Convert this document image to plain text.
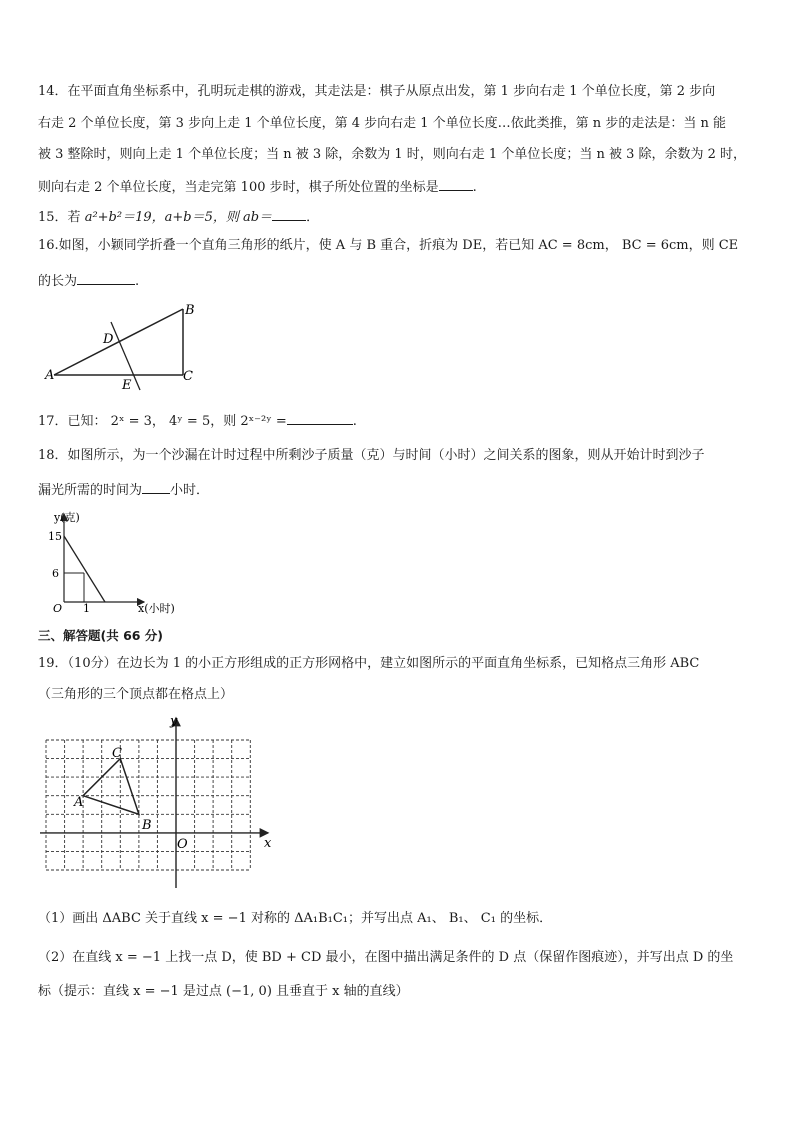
14．在平面直角坐标系中，孔明玩走棋的游戏，其走法是：棋子从原点出发，第 1 步向右走 1 个单位长度，第 2 步向
右走 2 个单位长度，第 3 步向上走 1 个单位长度，第 4 步向右走 1 个单位长度…依此类推，第 n 步的走法是：当 n 能
被 3 整除时，则向上走 1 个单位长度；当 n 被 3 除，余数为 1 时，则向右走 1 个单位长度；当 n 被 3 除，余数为 2 时，
则向右走 2 个单位长度，当走完第 100 步时，棋子所处位置的坐标是	.
15．若 a²+b²＝19，a+b＝5，则 ab＝	．
16.如图，小颖同学折叠一个直角三角形的纸片，使 A 与 B 重合，折痕为 DE，若已知 AC = 8cm， BC = 6cm，则 CE
的长为	.
A
B
C
D
E
17．已知： 2ˣ = 3， 4ʸ = 5，则 2ˣ⁻²ʸ =	.
18．如图所示，为一个沙漏在计时过程中所剩沙子质量（克）与时间（小时）之间关系的图象，则从开始计时到沙子
漏光所需的时间为 小时．
y(克)
x(小时)
15
6
1
O
三、解答题(共 66 分)
19．（10分）在边长为 1 的小正方形组成的正方形网格中，建立如图所示的平面直角坐标系，已知格点三角形 ABC
（三角形的三个顶点都在格点上）
y
x
O
A
B
C
（1）画出 ΔABC 关于直线 x = −1 对称的 ΔA₁B₁C₁；并写出点 A₁、 B₁、 C₁ 的坐标．
（2）在直线 x = −1 上找一点 D，使 BD + CD 最小，在图中描出满足条件的 D 点（保留作图痕迹），并写出点 D 的坐
标（提示：直线 x = −1 是过点 (−1, 0) 且垂直于 x 轴的直线）
